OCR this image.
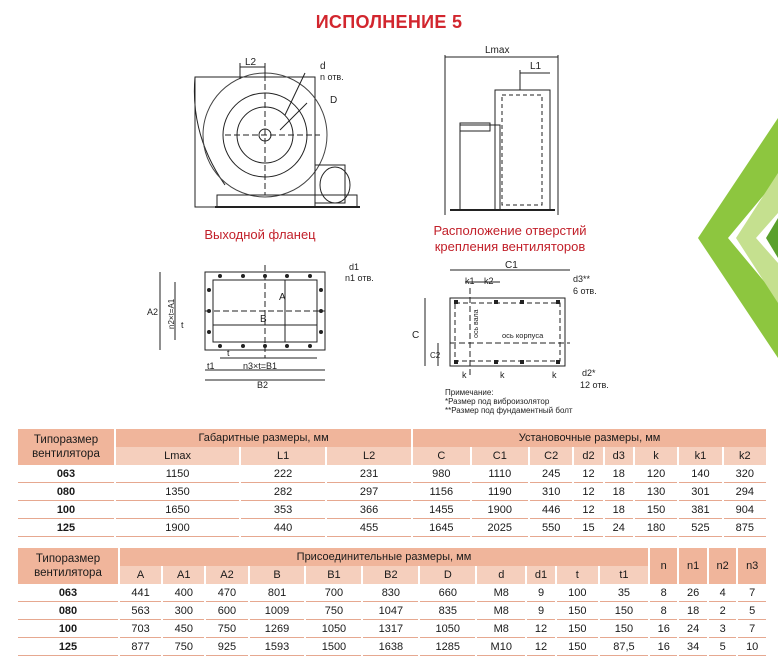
ИСПОЛНЕНИЕ 5
L2	d
n отв.
D
Lmax
L1
Выходной фланец	Расположение отверстий
крепления вентиляторов
d1
n1 отв.
A
B
A2 n2×t=A1 t
t
t1	n3×t=B1
B2
C1
k1 k2	d3**
6 отв.
C
C2
ось вала	ось корпуса
k	k	k	d2*
12 отв.
Примечание:
*Размер под виброизолятор
**Размер под фундаментный болт
Типоразмер вентилятора	Габаритные размеры, мм			Установочные размеры, мм							
	Lmax	L1	L2	C	C1	C2	d2	d3	k	k1	k2
063	1150	222	231	980	1110	245	12	18	120	140	320
080	1350	282	297	1156	1190	310	12	18	130	301	294
100	1650	353	366	1455	1900	446	12	18	150	381	904
125	1900	440	455	1645	2025	550	15	24	180	525	875
Типоразмер вентилятора	Присоединительные размеры, мм											n	n1	n2	n3
	A	A1	A2	B	B1	B2	D	d	d1	t	t1				
063	441	400	470	801	700	830	660	M8	9	100	35	8	26	4	7
080	563	300	600	1009	750	1047	835	M8	9	150	150	8	18	2	5
100	703	450	750	1269	1050	1317	1050	M8	12	150	150	16	24	3	7
125	877	750	925	1593	1500	1638	1285	M10	12	150	87,5	16	34	5	10
